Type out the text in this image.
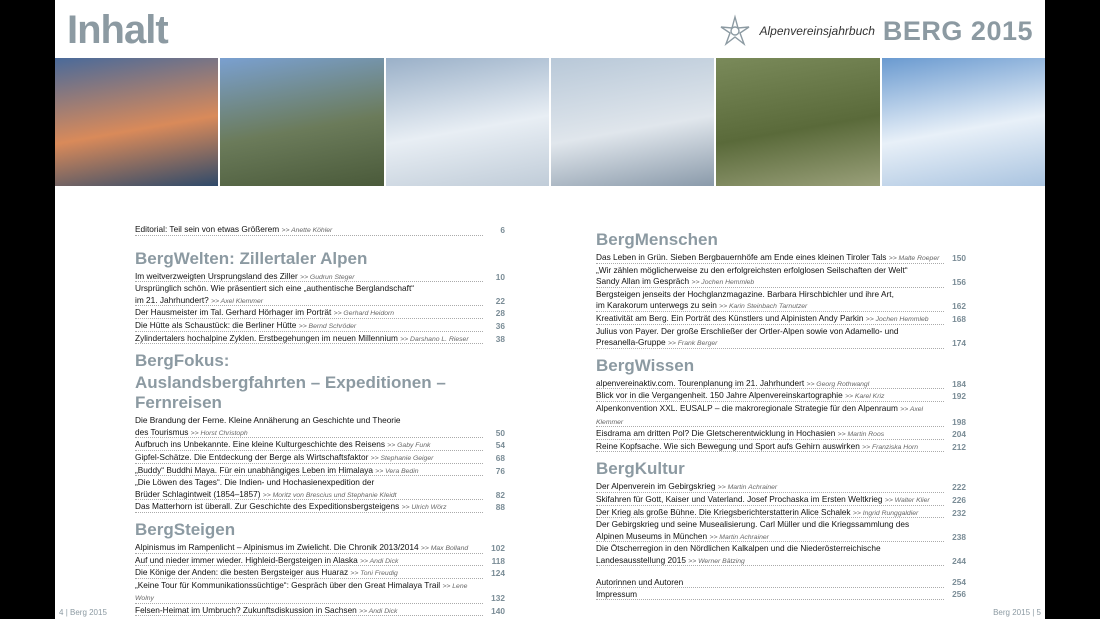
Inhalt	Alpenvereinsjahrbuch BERG 2015
Editorial: Teil sein von etwas Größerem >> Anette Köhler	6
BergWelten: Zillertaler Alpen
Im weitverzweigten Ursprungsland des Ziller >> Gudrun Steger	10
Ursprünglich schön. Wie präsentiert sich eine „authentische Berglandschaft“
im 21. Jahrhundert? >> Axel Klemmer	22
Der Hausmeister im Tal. Gerhard Hörhager im Porträt >> Gerhard Heidorn	28
Die Hütte als Schaustück: die Berliner Hütte >> Bernd Schröder	36
Zylindertalers hochalpine Zyklen. Erstbegehungen im neuen Millennium >> Darshano L. Rieser	38
BergFokus:
Auslandsbergfahrten – Expeditionen – Fernreisen
Die Brandung der Ferne. Kleine Annäherung an Geschichte und Theorie
des Tourismus >> Horst Christoph	50
Aufbruch ins Unbekannte. Eine kleine Kulturgeschichte des Reisens >> Gaby Funk	54
Gipfel-Schätze. Die Entdeckung der Berge als Wirtschaftsfaktor >> Stephanie Geiger	68
„Buddy“ Buddhi Maya. Für ein unabhängiges Leben im Himalaya >> Vera Bedin	76
„Die Löwen des Tages“. Die Indien- und Hochasienexpedition der
Brüder Schlagintweit (1854–1857) >> Moritz von Brescius und Stephanie Kleidt	82
Das Matterhorn ist überall. Zur Geschichte des Expeditionsbergsteigens >> Ulrich Wörz	88
BergSteigen
Alpinismus im Rampenlicht – Alpinismus im Zwielicht. Die Chronik 2013/2014 >> Max Bolland	102
Auf und nieder immer wieder. Highleid-Bergsteigen in Alaska >> Andi Dick	118
Die Könige der Anden: die besten Bergsteiger aus Huaraz >> Toni Freudig	124
„Keine Tour für Kommunikationssüchtige“: Gespräch über den Great Himalaya Trail >> Lene Wolny	132
Felsen-Heimat im Umbruch? Zukunftsdiskussion in Sachsen >> Andi Dick	140
BergMenschen
Das Leben in Grün. Sieben Bergbauernhöfe am Ende eines kleinen Tiroler Tals >> Malte Roeper 150
„Wir zählen möglicherweise zu den erfolgreichsten erfolglosen Seilschaften der Welt“
Sandy Allan im Gespräch >> Jochen Hemmleb	156
Bergsteigen jenseits der Hochglanzmagazine. Barbara Hirschbichler und ihre Art,
im Karakorum unterwegs zu sein >> Karin Steinbach Tarnutzer	162
Kreativität am Berg. Ein Porträt des Künstlers und Alpinisten Andy Parkin >> Jochen Hemmleb	168
Julius von Payer. Der große Erschließer der Ortler-Alpen sowie von Adamello- und
Presanella-Gruppe >> Frank Berger	174
BergWissen
alpenvereinaktiv.com. Tourenplanung im 21. Jahrhundert >> Georg Rothwangl	184
Blick vor in die Vergangenheit. 150 Jahre Alpenvereinskartographie >> Karel Kriz	192
Alpenkonvention XXL. EUSALP – die makroregionale Strategie für den Alpenraum >> Axel Klemmer	198
Eisdrama am dritten Pol? Die Gletscherentwicklung in Hochasien >> Martin Roos	204
Reine Kopfsache. Wie sich Bewegung und Sport aufs Gehirn auswirken >> Franziska Horn	212
BergKultur
Der Alpenverein im Gebirgskrieg >> Martin Achrainer	222
Skifahren für Gott, Kaiser und Vaterland. Josef Prochaska im Ersten Weltkrieg >> Walter Klier	226
Der Krieg als große Bühne. Die Kriegsberichterstatterin Alice Schalek >> Ingrid Runggaldier	232
Der Gebirgskrieg und seine Musealisierung. Carl Müller und die Kriegssammlung des
Alpinen Museums in München >> Martin Achrainer	238
Die Ötscherregion in den Nördlichen Kalkalpen und die Niederösterreichische
Landesausstellung 2015 >> Werner Bätzing	244
Autorinnen und Autoren	254
Impressum	256
4 | Berg 2015	Berg 2015 | 5
